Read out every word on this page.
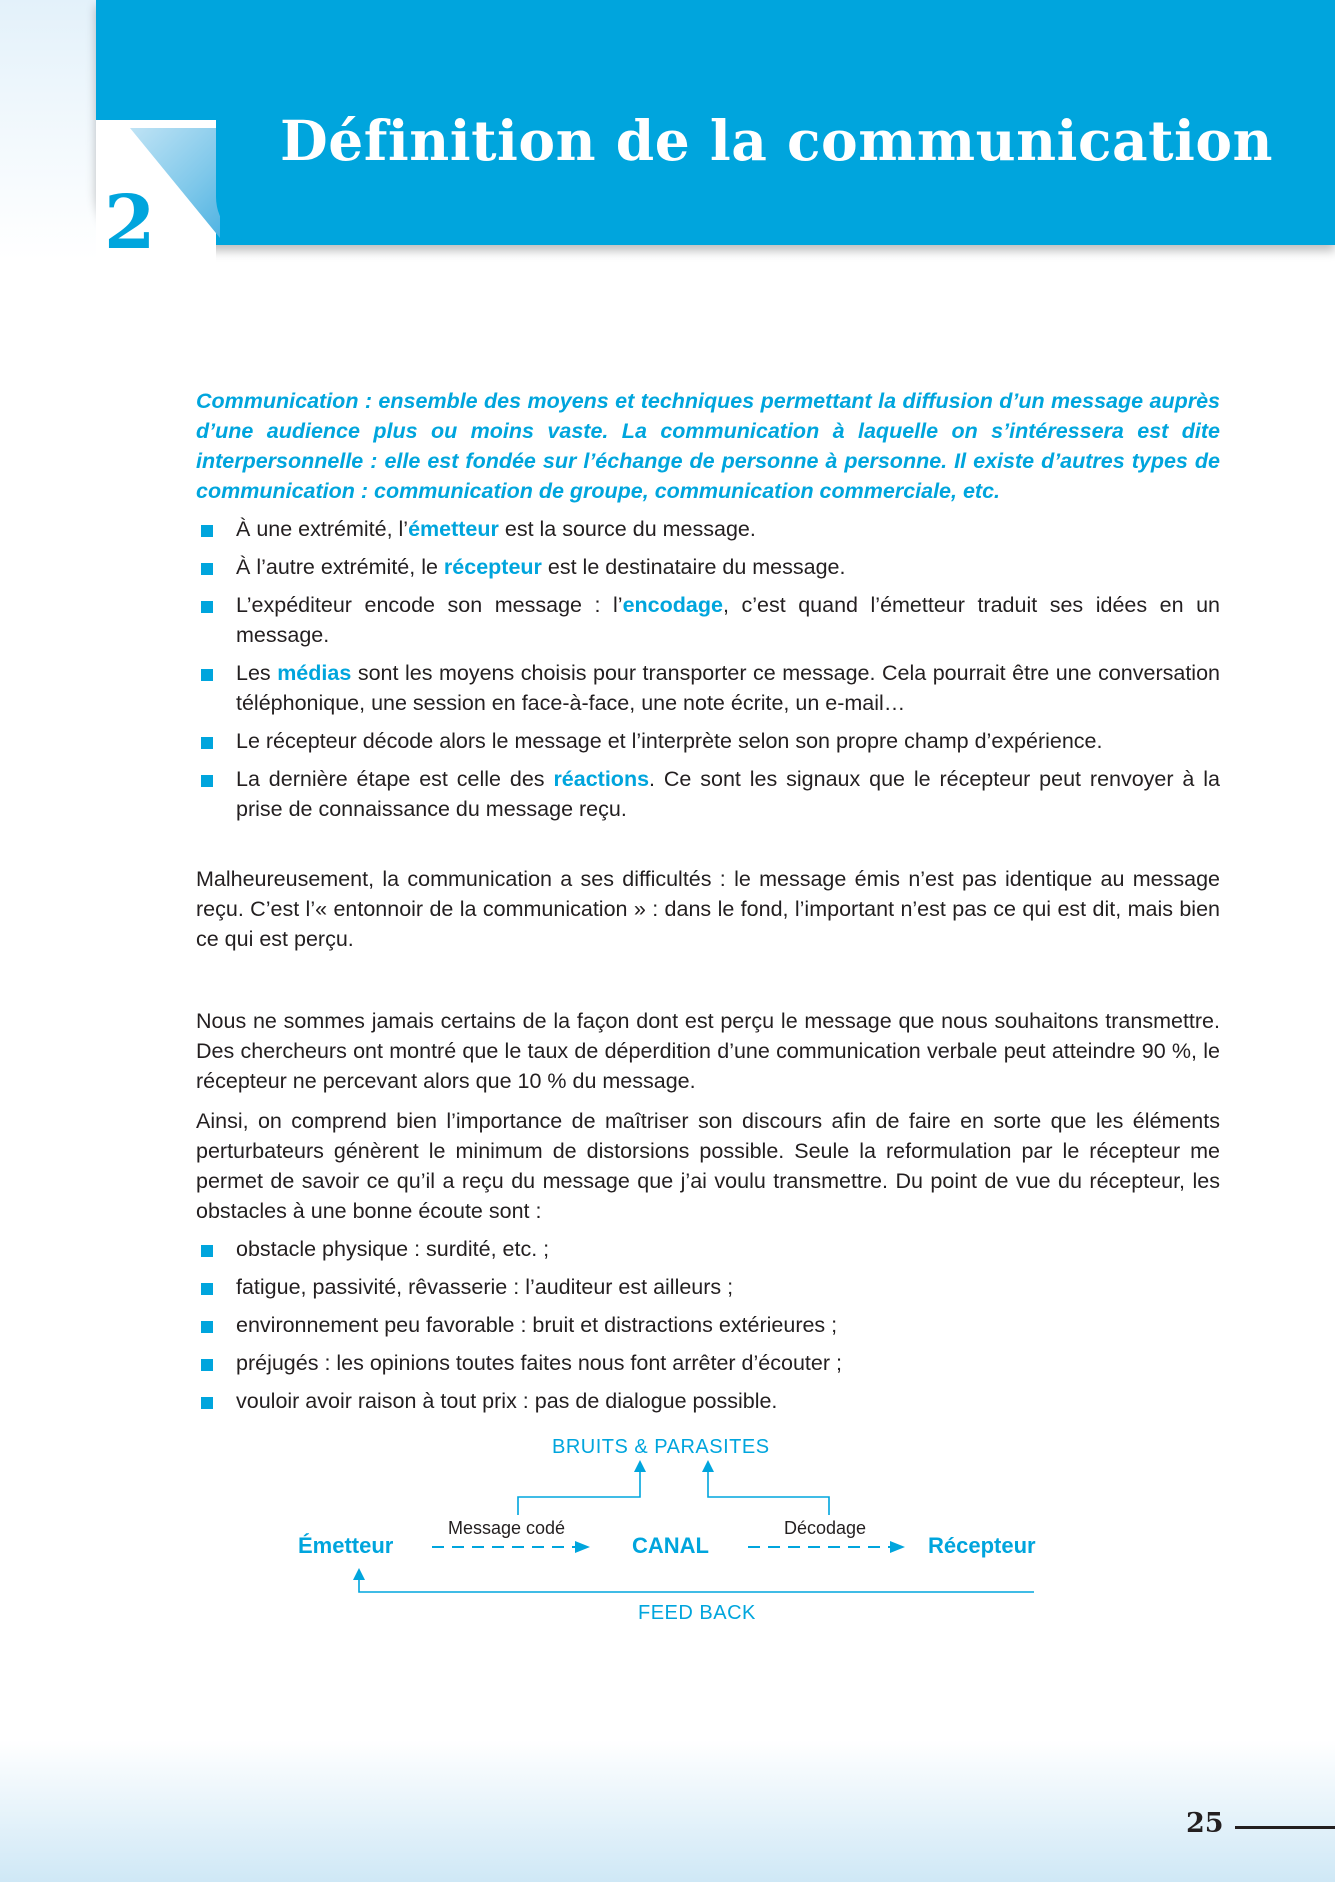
Définition de la communication
2

Communication : ensemble des moyens et techniques permettant la diffusion d’un message auprès d’une audience plus ou moins vaste. La communication à laquelle on s’intéressera est dite interpersonnelle : elle est fondée sur l’échange de personne à personne. Il existe d’autres types de communication : communication de groupe, communication commerciale, etc.

À une extrémité, l’émetteur est la source du message.
À l’autre extrémité, le récepteur est le destinataire du message.
L’expéditeur encode son message : l’encodage, c’est quand l’émetteur traduit ses idées en un message.
Les médias sont les moyens choisis pour transporter ce message. Cela pourrait être une conversation téléphonique, une session en face-à-face, une note écrite, un e-mail…
Le récepteur décode alors le message et l’interprète selon son propre champ d’expérience.
La dernière étape est celle des réactions. Ce sont les signaux que le récepteur peut renvoyer à la prise de connaissance du message reçu.

Malheureusement, la communication a ses difficultés : le message émis n’est pas identique au message reçu. C’est l’« entonnoir de la communication » : dans le fond, l’important n’est pas ce qui est dit, mais bien ce qui est perçu.

Nous ne sommes jamais certains de la façon dont est perçu le message que nous souhaitons transmettre. Des chercheurs ont montré que le taux de déperdition d’une communication verbale peut atteindre 90 %, le récepteur ne percevant alors que 10 % du message.

Ainsi, on comprend bien l’importance de maîtriser son discours afin de faire en sorte que les éléments perturbateurs génèrent le minimum de distorsions possible. Seule la reformulation par le récepteur me permet de savoir ce qu’il a reçu du message que j’ai voulu transmettre. Du point de vue du récepteur, les obstacles à une bonne écoute sont :

obstacle physique : surdité, etc. ;
fatigue, passivité, rêvasserie : l’auditeur est ailleurs ;
environnement peu favorable : bruit et distractions extérieures ;
préjugés : les opinions toutes faites nous font arrêter d’écouter ;
vouloir avoir raison à tout prix : pas de dialogue possible.
BRUITS & PARASITES
Message codé	Décodage
Émetteur	CANAL	Récepteur
FEED BACK
25
